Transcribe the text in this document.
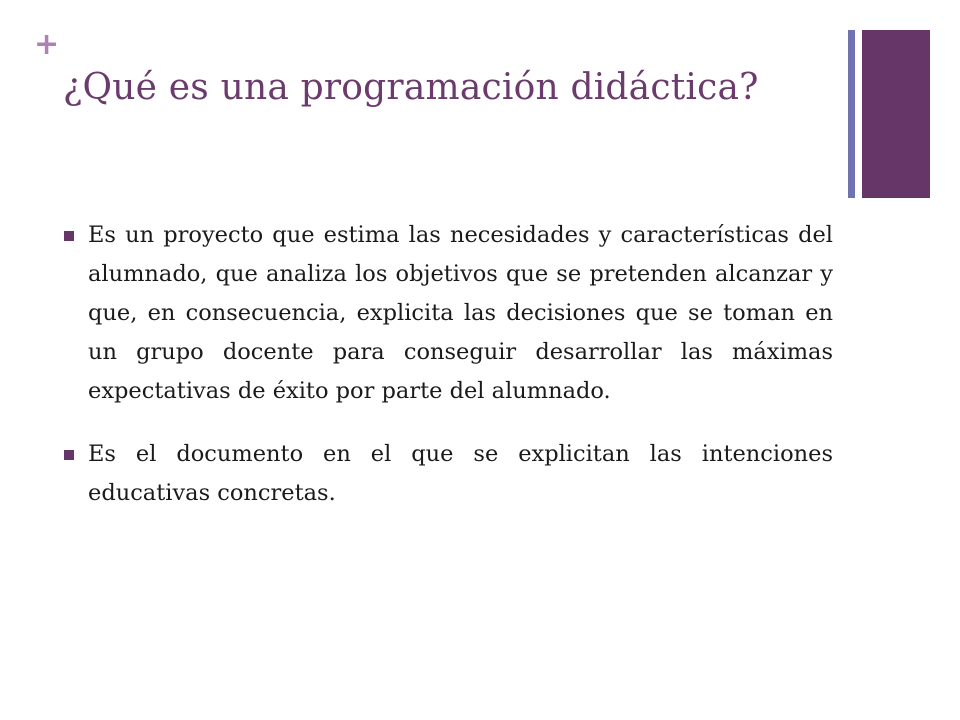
+
¿Qué es una programación didáctica?
Es un proyecto que estima las necesidades y características del alumnado, que analiza los objetivos que se pretenden alcanzar y que, en consecuencia, explicita las decisiones que se toman en un grupo docente para conseguir desarrollar las máximas expectativas de éxito por parte del alumnado.
Es el documento en el que se explicitan las intenciones educativas concretas.
